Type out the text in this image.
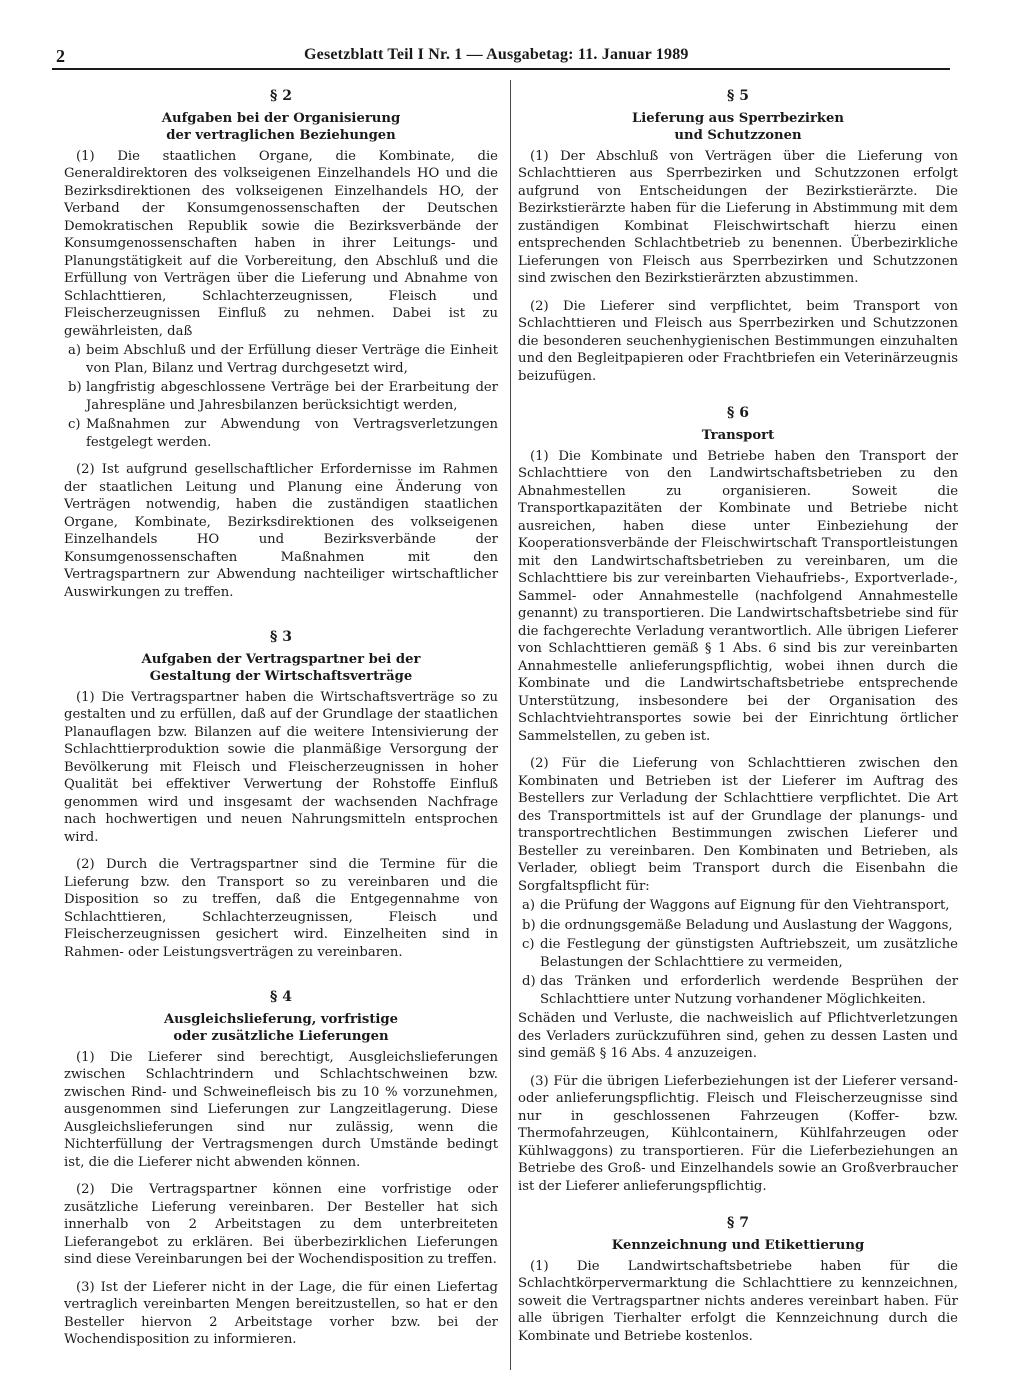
2	Gesetzblatt Teil I Nr. 1 — Ausgabetag: 11. Januar 1989
§ 2
Aufgaben bei der Organisierung
der vertraglichen Beziehungen

(1) Die staatlichen Organe, die Kombinate, die Generaldirektoren des volkseigenen Einzelhandels HO und die Bezirksdirektionen des volkseigenen Einzelhandels HO, der Verband der Konsumgenossenschaften der Deutschen Demokratischen Republik sowie die Bezirksverbände der Konsumgenossenschaften haben in ihrer Leitungs- und Planungstätigkeit auf die Vorbereitung, den Abschluß und die Erfüllung von Verträgen über die Lieferung und Abnahme von Schlachttieren, Schlachterzeugnissen, Fleisch und Fleischerzeugnissen Einfluß zu nehmen. Dabei ist zu gewährleisten, daß

a) beim Abschluß und der Erfüllung dieser Verträge die Einheit von Plan, Bilanz und Vertrag durchgesetzt wird,
b) langfristig abgeschlossene Verträge bei der Erarbeitung der Jahrespläne und Jahresbilanzen berücksichtigt werden,
c) Maßnahmen zur Abwendung von Vertragsverletzungen festgelegt werden.

(2) Ist aufgrund gesellschaftlicher Erfordernisse im Rahmen der staatlichen Leitung und Planung eine Änderung von Verträgen notwendig, haben die zuständigen staatlichen Organe, Kombinate, Bezirksdirektionen des volkseigenen Einzelhandels HO und Bezirksverbände der Konsumgenossenschaften Maßnahmen mit den Vertragspartnern zur Abwendung nachteiliger wirtschaftlicher Auswirkungen zu treffen.

§ 3
Aufgaben der Vertragspartner bei der
Gestaltung der Wirtschaftsverträge

(1) Die Vertragspartner haben die Wirtschaftsverträge so zu gestalten und zu erfüllen, daß auf der Grundlage der staatlichen Planauflagen bzw. Bilanzen auf die weitere Intensivierung der Schlachttierproduktion sowie die planmäßige Versorgung der Bevölkerung mit Fleisch und Fleischerzeugnissen in hoher Qualität bei effektiver Verwertung der Rohstoffe Einfluß genommen wird und insgesamt der wachsenden Nachfrage nach hochwertigen und neuen Nahrungsmitteln entsprochen wird.

(2) Durch die Vertragspartner sind die Termine für die Lieferung bzw. den Transport so zu vereinbaren und die Disposition so zu treffen, daß die Entgegennahme von Schlachttieren, Schlachterzeugnissen, Fleisch und Fleischerzeugnissen gesichert wird. Einzelheiten sind in Rahmen- oder Leistungsverträgen zu vereinbaren.

§ 4
Ausgleichslieferung, vorfristige
oder zusätzliche Lieferungen

(1) Die Lieferer sind berechtigt, Ausgleichslieferungen zwischen Schlachtrindern und Schlachtschweinen bzw. zwischen Rind- und Schweinefleisch bis zu 10 % vorzunehmen, ausgenommen sind Lieferungen zur Langzeitlagerung. Diese Ausgleichslieferungen sind nur zulässig, wenn die Nichterfüllung der Vertragsmengen durch Umstände bedingt ist, die die Lieferer nicht abwenden können.

(2) Die Vertragspartner können eine vorfristige oder zusätzliche Lieferung vereinbaren. Der Besteller hat sich innerhalb von 2 Arbeitstagen zu dem unterbreiteten Lieferangebot zu erklären. Bei überbezirklichen Lieferungen sind diese Vereinbarungen bei der Wochendisposition zu treffen.

(3) Ist der Lieferer nicht in der Lage, die für einen Liefertag vertraglich vereinbarten Mengen bereitzustellen, so hat er den Besteller hiervon 2 Arbeitstage vorher bzw. bei der Wochendisposition zu informieren.

§ 5
Lieferung aus Sperrbezirken
und Schutzzonen

(1) Der Abschluß von Verträgen über die Lieferung von Schlachttieren aus Sperrbezirken und Schutzzonen erfolgt aufgrund von Entscheidungen der Bezirkstierärzte. Die Bezirkstierärzte haben für die Lieferung in Abstimmung mit dem zuständigen Kombinat Fleischwirtschaft hierzu einen entsprechenden Schlachtbetrieb zu benennen. Überbezirkliche Lieferungen von Fleisch aus Sperrbezirken und Schutzzonen sind zwischen den Bezirkstierärzten abzustimmen.

(2) Die Lieferer sind verpflichtet, beim Transport von Schlachttieren und Fleisch aus Sperrbezirken und Schutzzonen die besonderen seuchenhygienischen Bestimmungen einzuhalten und den Begleitpapieren oder Frachtbriefen ein Veterinärzeugnis beizufügen.

§ 6
Transport

(1) Die Kombinate und Betriebe haben den Transport der Schlachttiere von den Landwirtschaftsbetrieben zu den Abnahmestellen zu organisieren. Soweit die Transportkapazitäten der Kombinate und Betriebe nicht ausreichen, haben diese unter Einbeziehung der Kooperationsverbände der Fleischwirtschaft Transportleistungen mit den Landwirtschaftsbetrieben zu vereinbaren, um die Schlachttiere bis zur vereinbarten Viehaufriebs-, Exportverlade-, Sammel- oder Annahmestelle (nachfolgend Annahmestelle genannt) zu transportieren. Die Landwirtschaftsbetriebe sind für die fachgerechte Verladung verantwortlich. Alle übrigen Lieferer von Schlachttieren gemäß § 1 Abs. 6 sind bis zur vereinbarten Annahmestelle anlieferungspflichtig, wobei ihnen durch die Kombinate und die Landwirtschaftsbetriebe entsprechende Unterstützung, insbesondere bei der Organisation des Schlachtviehtransportes sowie bei der Einrichtung örtlicher Sammelstellen, zu geben ist.

(2) Für die Lieferung von Schlachttieren zwischen den Kombinaten und Betrieben ist der Lieferer im Auftrag des Bestellers zur Verladung der Schlachttiere verpflichtet. Die Art des Transportmittels ist auf der Grundlage der planungs- und transportrechtlichen Bestimmungen zwischen Lieferer und Besteller zu vereinbaren. Den Kombinaten und Betrieben, als Verlader, obliegt beim Transport durch die Eisenbahn die Sorgfaltspflicht für:

a) die Prüfung der Waggons auf Eignung für den Viehtransport,
b) die ordnungsgemäße Beladung und Auslastung der Waggons,
c) die Festlegung der günstigsten Auftriebszeit, um zusätzliche Belastungen der Schlachttiere zu vermeiden,
d) das Tränken und erforderlich werdende Besprühen der Schlachttiere unter Nutzung vorhandener Möglichkeiten.

Schäden und Verluste, die nachweislich auf Pflichtverletzungen des Verladers zurückzuführen sind, gehen zu dessen Lasten und sind gemäß § 16 Abs. 4 anzuzeigen.

(3) Für die übrigen Lieferbeziehungen ist der Lieferer versand- oder anlieferungspflichtig. Fleisch und Fleischerzeugnisse sind nur in geschlossenen Fahrzeugen (Koffer- bzw. Thermofahrzeugen, Kühlcontainern, Kühlfahrzeugen oder Kühlwaggons) zu transportieren. Für die Lieferbeziehungen an Betriebe des Groß- und Einzelhandels sowie an Großverbraucher ist der Lieferer anlieferungspflichtig.

§ 7
Kennzeichnung und Etikettierung

(1) Die Landwirtschaftsbetriebe haben für die Schlachtkörpervermarktung die Schlachttiere zu kennzeichnen, soweit die Vertragspartner nichts anderes vereinbart haben. Für alle übrigen Tierhalter erfolgt die Kennzeichnung durch die Kombinate und Betriebe kostenlos.
